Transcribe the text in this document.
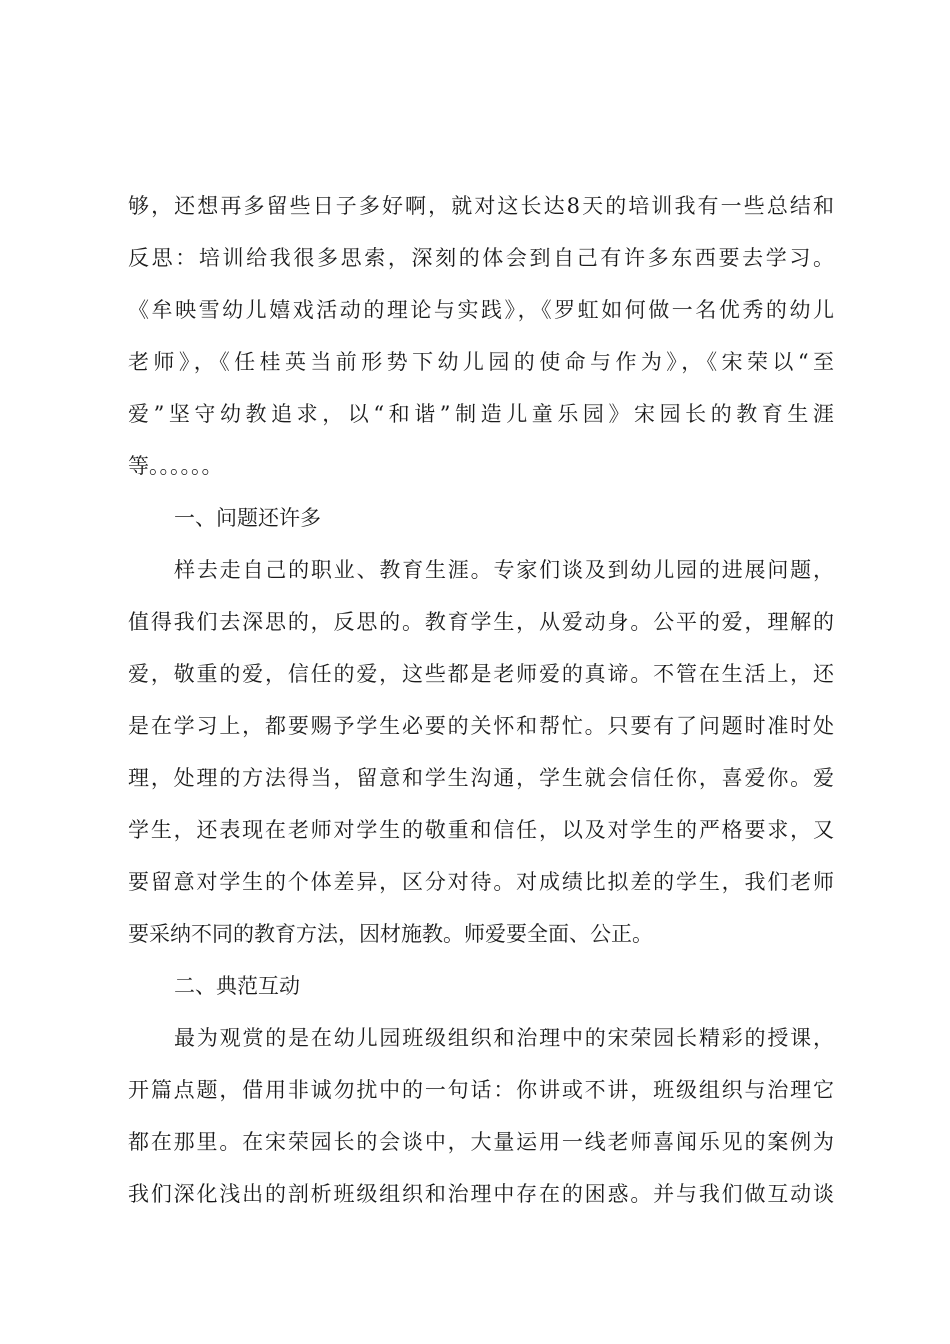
够，还想再多留些日子多好啊，就对这长达8天的培训我有一些总结和
反思：培训给我很多思索，深刻的体会到自己有许多东西要去学习。
《牟映雪幼儿嬉戏活动的理论与实践》，《罗虹如何做一名优秀的幼儿
老师》，《任桂英当前形势下幼儿园的使命与作为》，《宋荣以“至
爱”坚守幼教追求，以“和谐”制造儿童乐园》宋园长的教育生涯
等。。。。。。
一、问题还许多
样去走自己的职业、教育生涯。专家们谈及到幼儿园的进展问题，
值得我们去深思的，反思的。教育学生，从爱动身。公平的爱，理解的
爱，敬重的爱，信任的爱，这些都是老师爱的真谛。不管在生活上，还
是在学习上，都要赐予学生必要的关怀和帮忙。只要有了问题时准时处
理，处理的方法得当，留意和学生沟通，学生就会信任你，喜爱你。爱
学生，还表现在老师对学生的敬重和信任，以及对学生的严格要求，又
要留意对学生的个体差异，区分对待。对成绩比拟差的学生，我们老师
要采纳不同的教育方法，因材施教。师爱要全面、公正。
二、典范互动
最为观赏的是在幼儿园班级组织和治理中的宋荣园长精彩的授课，
开篇点题，借用非诚勿扰中的一句话：你讲或不讲，班级组织与治理它
都在那里。在宋荣园长的会谈中，大量运用一线老师喜闻乐见的案例为
我们深化浅出的剖析班级组织和治理中存在的困惑。并与我们做互动谈
